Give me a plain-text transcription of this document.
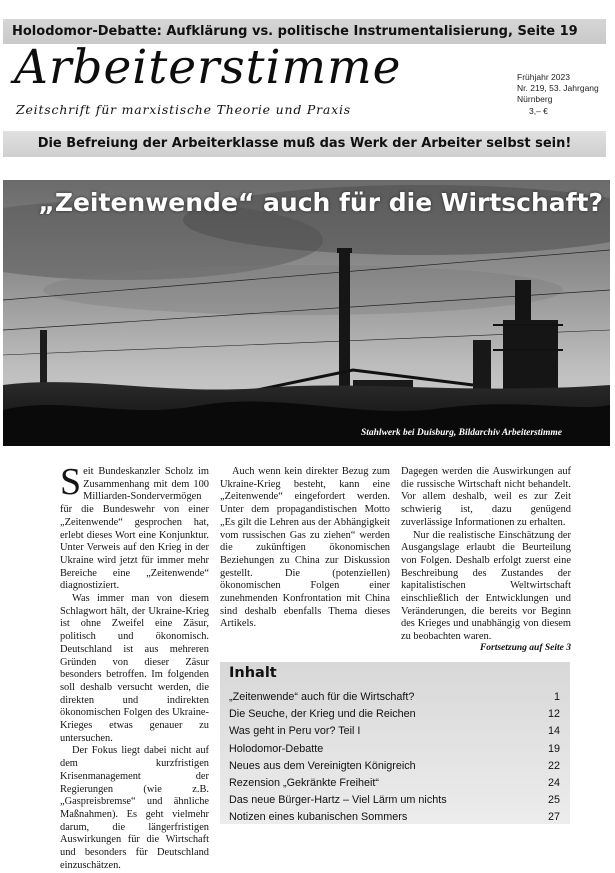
Holodomor-Debatte: Aufklärung vs. politische Instrumentalisierung, Seite 19
Arbeiterstimme
Zeitschrift für marxistische Theorie und Praxis
Frühjahr 2023
Nr. 219, 53. Jahrgang
Nürnberg
3,– €
Die Befreiung der Arbeiterklasse muß das Werk der Arbeiter selbst sein!
„Zeitenwende“ auch für die Wirtschaft?
Stahlwerk bei Duisburg, Bildarchiv Arbeiterstimme

Seit Bundeskanzler Scholz im Zusammenhang mit dem 100 Milliarden-Sondervermögen für die Bundeswehr von einer „Zeitenwende“ gesprochen hat, erlebt dieses Wort eine Konjunktur. Unter Verweis auf den Krieg in der Ukraine wird jetzt für immer mehr Bereiche eine „Zeitenwende“ diagnostiziert.

Was immer man von diesem Schlagwort hält, der Ukraine-Krieg ist ohne Zweifel eine Zäsur, politisch und ökonomisch. Deutschland ist aus mehreren Gründen von dieser Zäsur besonders betroffen. Im folgenden soll deshalb versucht werden, die direkten und indirekten ökonomischen Folgen des Ukraine-Krieges etwas genauer zu untersuchen.

Der Fokus liegt dabei nicht auf dem kurzfristigen Krisenmanagement der Regierungen (wie z.B. „Gaspreisbremse“ und ähnliche Maßnahmen). Es geht vielmehr darum, die längerfristigen Auswirkungen für die Wirtschaft und besonders für Deutschland einzuschätzen.

Auch wenn kein direkter Bezug zum Ukraine-Krieg besteht, kann eine „Zeitenwende“ eingefordert werden. Unter dem propagandistischen Motto „Es gilt die Lehren aus der Abhängigkeit vom russischen Gas zu ziehen“ werden die zukünftigen ökonomischen Beziehungen zu China zur Diskussion gestellt. Die (potenziellen) ökonomischen Folgen einer zunehmenden Konfrontation mit China sind deshalb ebenfalls Thema dieses Artikels.

Dagegen werden die Auswirkungen auf die russische Wirtschaft nicht behandelt. Vor allem deshalb, weil es zur Zeit schwierig ist, dazu genügend zuverlässige Informationen zu erhalten.

Nur die realistische Einschätzung der Ausgangslage erlaubt die Beurteilung von Folgen. Deshalb erfolgt zuerst eine Beschreibung des Zustandes der kapitalistischen Weltwirtschaft einschließlich der Entwicklungen und Veränderungen, die bereits vor Beginn des Krieges und unabhängig von diesem zu beobachten waren.

Fortsetzung auf Seite 3
Inhalt
„Zeitenwende“ auch für die Wirtschaft?	1
Die Seuche, der Krieg und die Reichen	12
Was geht in Peru vor? Teil I	14
Holodomor-Debatte	19
Neues aus dem Vereinigten Königreich	22
Rezension „Gekränkte Freiheit“	24
Das neue Bürger-Hartz – Viel Lärm um nichts	25
Notizen eines kubanischen Sommers	27
